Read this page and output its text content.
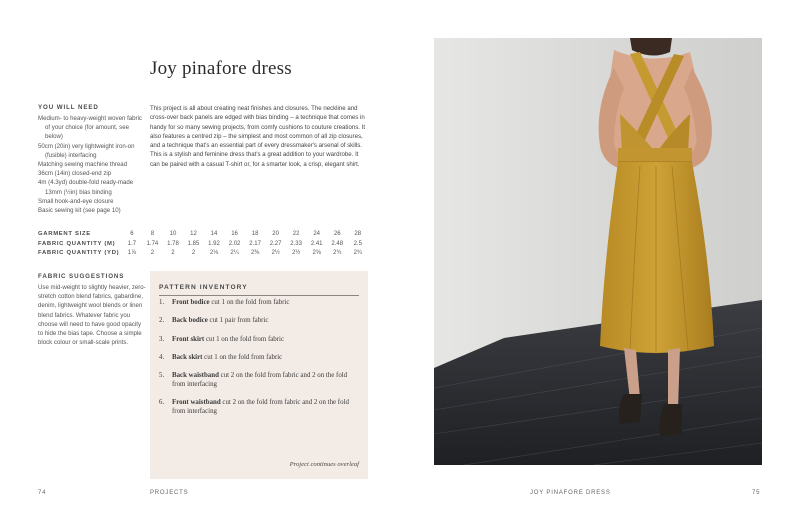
Joy pinafore dress
YOU WILL NEED
Medium- to heavy-weight woven fabric of your choice (for amount, see below)
50cm (20in) very lightweight iron-on (fusible) interfacing
Matching sewing machine thread
36cm (14in) closed-end zip
4m (4.3yd) double-fold ready-made 13mm (½in) bias binding
Small hook-and-eye closure
Basic sewing kit (see page 10)
This project is all about creating neat finishes and closures. The neckline and cross-over back panels are edged with bias binding – a technique that comes in handy for so many sewing projects, from comfy cushions to couture creations. It also features a centred zip – the simplest and most common of all zip closures, and a technique that's an essential part of every dressmaker's arsenal of skills. This is a stylish and feminine dress that's a great addition to your wardrobe. It can be paired with a casual T-shirt or, for a smarter look, a crisp, elegant shirt.
GARMENT SIZE	6	8	10	12	14	16	18	20	22	24	26	28
FABRIC QUANTITY (M)	1.7	1.74	1.78	1.85	1.92	2.02	2.17	2.27	2.33	2.41	2.48	2.5
FABRIC QUANTITY (YD)	1⅞	2	2	2	2⅛	2¼	2⅜	2½	2½	2⅝	2¾	2¾
FABRIC SUGGESTIONS
Use mid-weight to slightly heavier, zero-stretch cotton blend fabrics, gabardine, denim, lightweight wool blends or linen blend fabrics. Whatever fabric you choose will need to have good opacity to hide the bias tape. Choose a simple block colour or small-scale prints.
PATTERN INVENTORY
1. Front bodice cut 1 on the fold from fabric
2. Back bodice cut 1 pair from fabric
3. Front skirt cut 1 on the fold from fabric
4. Back skirt cut 1 on the fold from fabric
5. Back waistband cut 2 on the fold from fabric and 2 on the fold from interfacing
6. Front waistband cut 2 on the fold from fabric and 2 on the fold from interfacing
Project continues overleaf
74	PROJECTS	JOY PINAFORE DRESS	75
